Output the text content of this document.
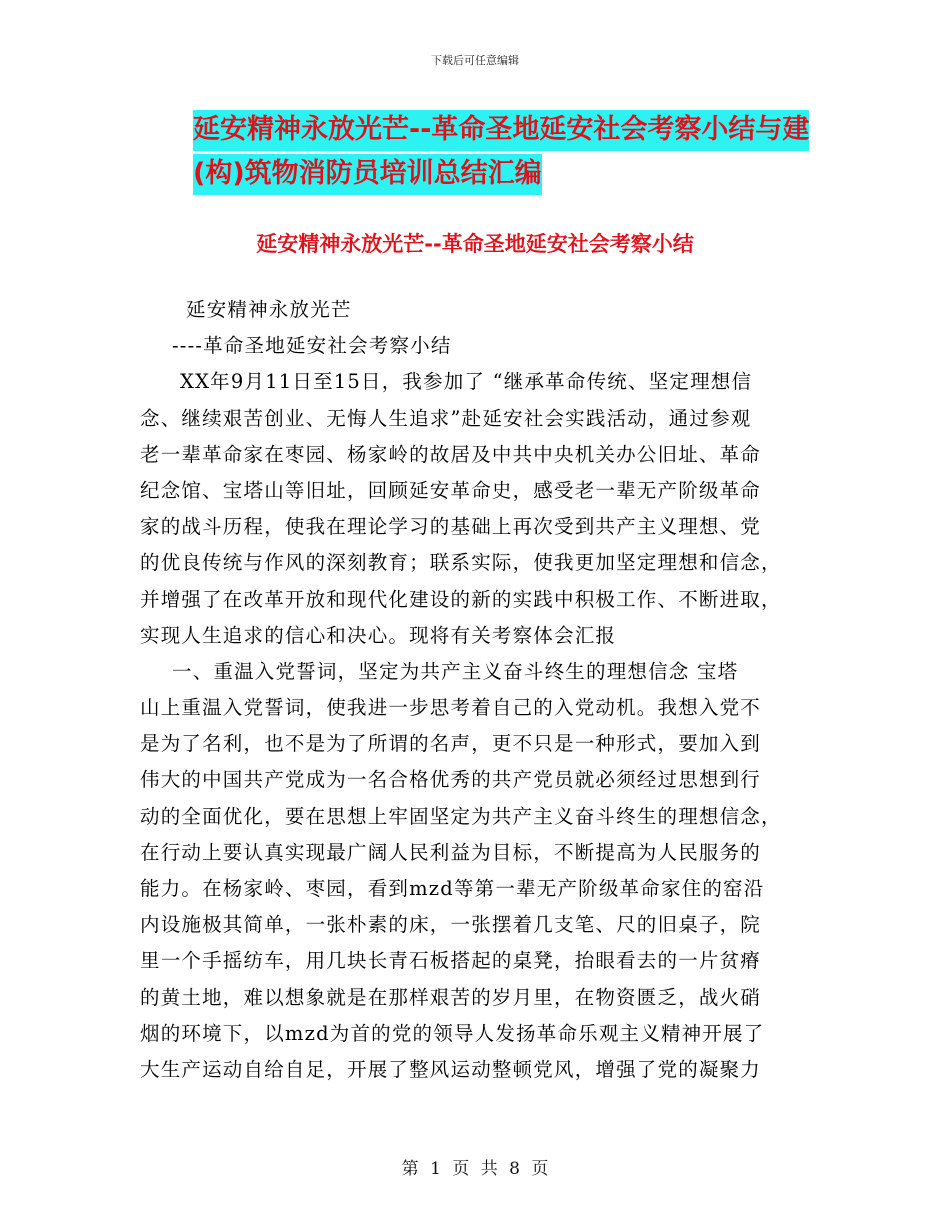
下载后可任意编辑
延安精神永放光芒--革命圣地延安社会考察小结与建
(构)筑物消防员培训总结汇编
延安精神永放光芒--革命圣地延安社会考察小结
延安精神永放光芒
----革命圣地延安社会考察小结
XX年9月11日至15日，我参加了 “继承革命传统、坚定理想信
念、继续艰苦创业、无悔人生追求”赴延安社会实践活动，通过参观
老一辈革命家在枣园、杨家岭的故居及中共中央机关办公旧址、革命
纪念馆、宝塔山等旧址，回顾延安革命史，感受老一辈无产阶级革命
家的战斗历程，使我在理论学习的基础上再次受到共产主义理想、党
的优良传统与作风的深刻教育；联系实际，使我更加坚定理想和信念，
并增强了在改革开放和现代化建设的新的实践中积极工作、不断进取，
实现人生追求的信心和决心。现将有关考察体会汇报
一、重温入党誓词，坚定为共产主义奋斗终生的理想信念 宝塔
山上重温入党誓词，使我进一步思考着自己的入党动机。我想入党不
是为了名利，也不是为了所谓的名声，更不只是一种形式，要加入到
伟大的中国共产党成为一名合格优秀的共产党员就必须经过思想到行
动的全面优化，要在思想上牢固坚定为共产主义奋斗终生的理想信念，
在行动上要认真实现最广阔人民利益为目标，不断提高为人民服务的
能力。在杨家岭、枣园，看到mzd等第一辈无产阶级革命家住的窑沿
内设施极其简单，一张朴素的床，一张摆着几支笔、尺的旧桌子，院
里一个手摇纺车，用几块长青石板搭起的桌凳，抬眼看去的一片贫瘠
的黄土地，难以想象就是在那样艰苦的岁月里，在物资匮乏，战火硝
烟的环境下，以mzd为首的党的领导人发扬革命乐观主义精神开展了
大生产运动自给自足，开展了整风运动整顿党风，增强了党的凝聚力
第 1 页 共 8 页
